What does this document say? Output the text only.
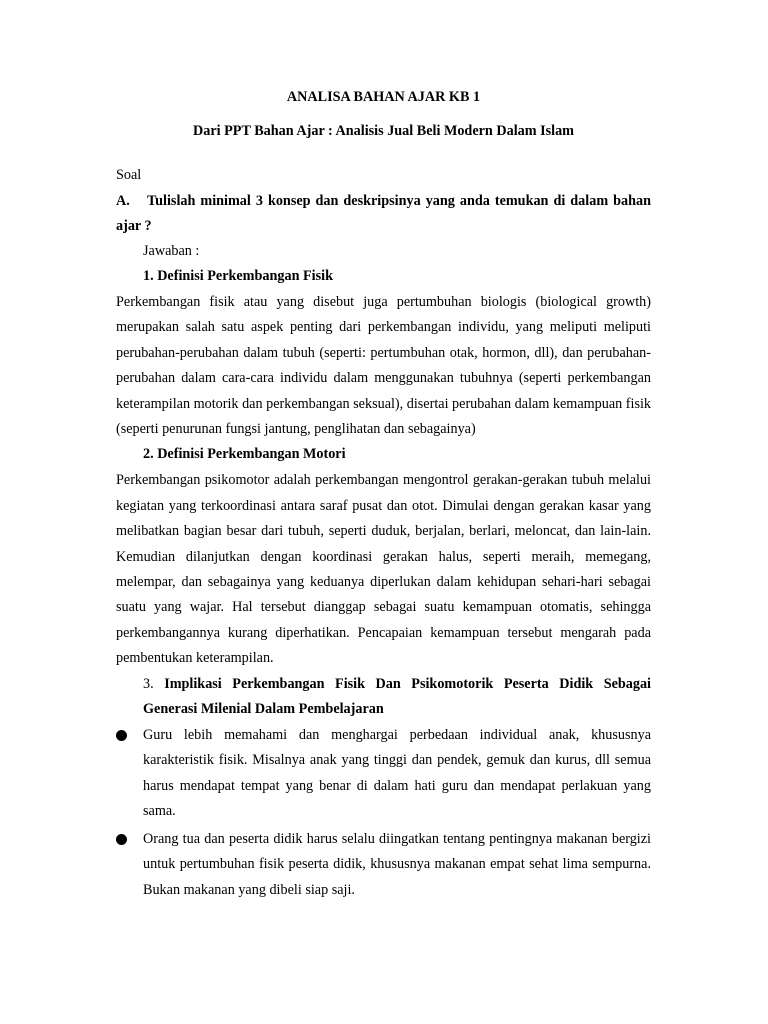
ANALISA BAHAN AJAR KB 1
Dari PPT Bahan Ajar : Analisis Jual Beli Modern Dalam Islam
Soal
A. Tulislah minimal 3 konsep dan deskripsinya yang anda temukan di dalam bahan ajar ?
Jawaban :
1. Definisi Perkembangan Fisik

Perkembangan fisik atau yang disebut juga pertumbuhan biologis (biological growth) merupakan salah satu aspek penting dari perkembangan individu, yang meliputi meliputi perubahan-perubahan dalam tubuh (seperti: pertumbuhan otak, hormon, dll), dan perubahan-perubahan dalam cara-cara individu dalam menggunakan tubuhnya (seperti perkembangan keterampilan motorik dan perkembangan seksual), disertai perubahan dalam kemampuan fisik (seperti penurunan fungsi jantung, penglihatan dan sebagainya)

2. Definisi Perkembangan Motori

Perkembangan psikomotor adalah perkembangan mengontrol gerakan-gerakan tubuh melalui kegiatan yang terkoordinasi antara saraf pusat dan otot. Dimulai dengan gerakan kasar yang melibatkan bagian besar dari tubuh, seperti duduk, berjalan, berlari, meloncat, dan lain-lain. Kemudian dilanjutkan dengan koordinasi gerakan halus, seperti meraih, memegang, melempar, dan sebagainya yang keduanya diperlukan dalam kehidupan sehari-hari sebagai suatu yang wajar. Hal tersebut dianggap sebagai suatu kemampuan otomatis, sehingga perkembangannya kurang diperhatikan. Pencapaian kemampuan tersebut mengarah pada pembentukan keterampilan.

3. Implikasi Perkembangan Fisik Dan Psikomotorik Peserta Didik Sebagai Generasi Milenial Dalam Pembelajaran
Guru lebih memahami dan menghargai perbedaan individual anak, khususnya karakteristik fisik. Misalnya anak yang tinggi dan pendek, gemuk dan kurus, dll semua harus mendapat tempat yang benar di dalam hati guru dan mendapat perlakuan yang sama.
Orang tua dan peserta didik harus selalu diingatkan tentang pentingnya makanan bergizi untuk pertumbuhan fisik peserta didik, khususnya makanan empat sehat lima sempurna. Bukan makanan yang dibeli siap saji.
